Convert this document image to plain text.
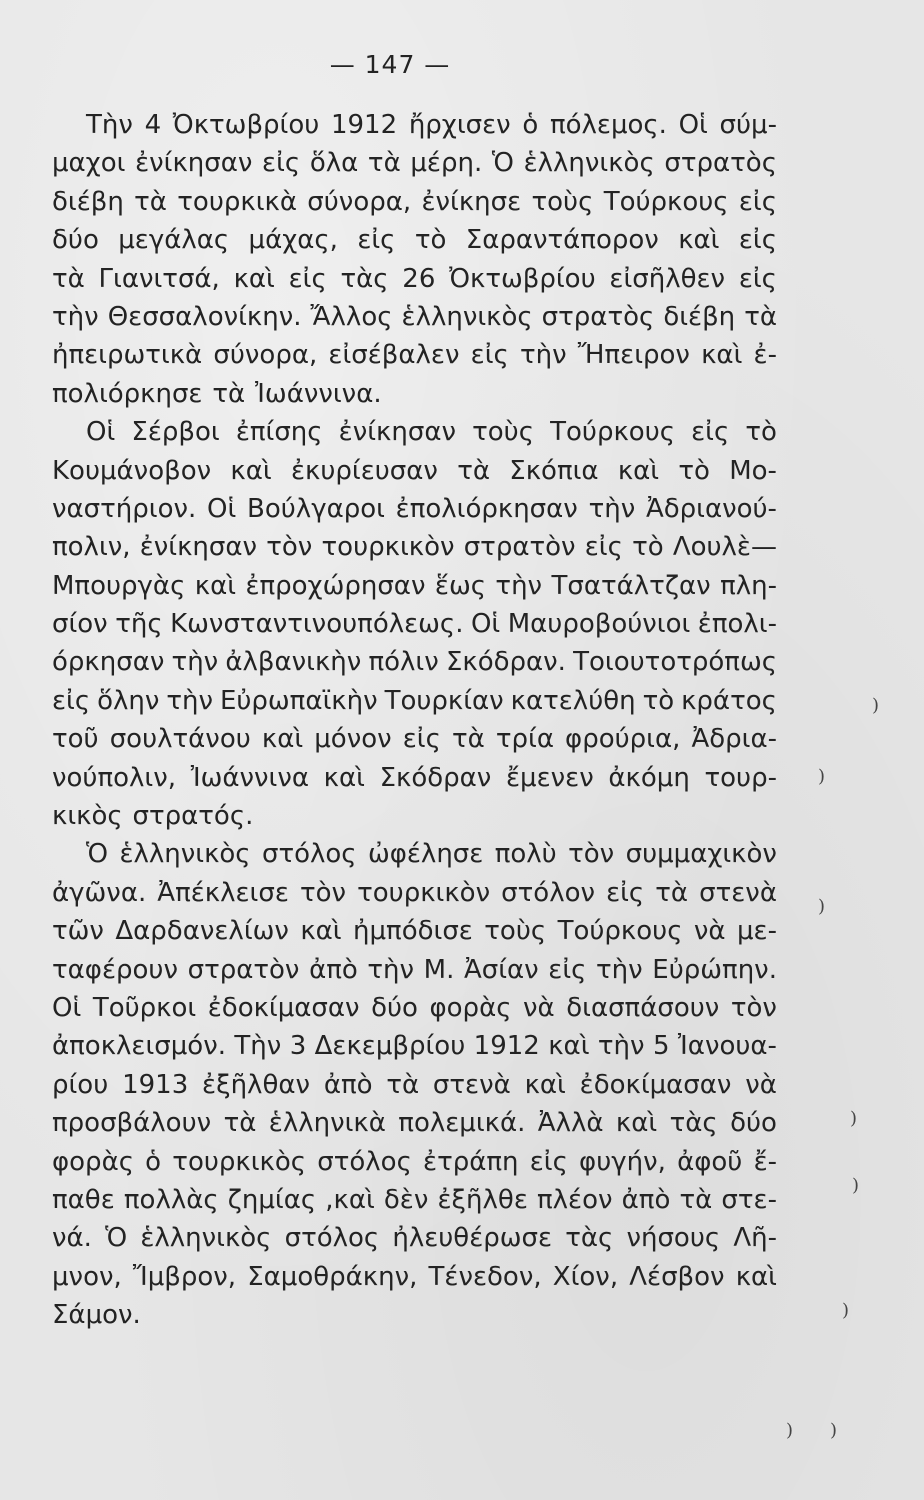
— 147 —
Τὴν 4 Ὀκτωβρίου 1912 ἤρχισεν ὁ πόλεμος. Οἱ σύμ-
μαχοι ἐνίκησαν εἰς ὅλα τὰ μέρη. Ὁ ἑλληνικὸς στρατὸς
διέβη τὰ τουρκικὰ σύνορα, ἐνίκησε τοὺς Τούρκους εἰς
δύο μεγάλας μάχας, εἰς τὸ Σαραντάπορον καὶ εἰς
τὰ Γιανιτσά, καὶ εἰς τὰς 26 Ὀκτωβρίου εἰσῆλθεν εἰς
τὴν Θεσσαλονίκην. Ἄλλος ἑλληνικὸς στρατὸς διέβη τὰ
ἠπειρωτικὰ σύνορα, εἰσέβαλεν εἰς τὴν Ἤπειρον καὶ ἐ-
πολιόρκησε τὰ Ἰωάννινα.
Οἱ Σέρβοι ἐπίσης ἐνίκησαν τοὺς Τούρκους εἰς τὸ
Κουμάνοβον καὶ ἐκυρίευσαν τὰ Σκόπια καὶ τὸ Μο-
ναστήριον. Οἱ Βούλγαροι ἐπολιόρκησαν τὴν Ἀδριανού-
πολιν, ἐνίκησαν τὸν τουρκικὸν στρατὸν εἰς τὸ Λουλὲ—
Μπουργὰς καὶ ἐπροχώρησαν ἕως τὴν Τσατάλτζαν πλη-
σίον τῆς Κωνσταντινουπόλεως. Οἱ Μαυροβούνιοι ἐπολι-
όρκησαν τὴν ἀλβανικὴν πόλιν Σκόδραν. Τοιουτοτρόπως
εἰς ὅλην τὴν Εὐρωπαϊκὴν Τουρκίαν κατελύθη τὸ κράτος
τοῦ σουλτάνου καὶ μόνον εἰς τὰ τρία φρούρια, Ἀδρια-
νούπολιν, Ἰωάννινα καὶ Σκόδραν ἔμενεν ἀκόμη τουρ-
κικὸς στρατός.
Ὁ ἑλληνικὸς στόλος ὠφέλησε πολὺ τὸν συμμαχικὸν
ἀγῶνα. Ἀπέκλεισε τὸν τουρκικὸν στόλον εἰς τὰ στενὰ
τῶν Δαρδανελίων καὶ ἠμπόδισε τοὺς Τούρκους νὰ με-
ταφέρουν στρατὸν ἀπὸ τὴν Μ. Ἀσίαν εἰς τὴν Εὐρώπην.
Οἱ Τοῦρκοι ἐδοκίμασαν δύο φορὰς νὰ διασπάσουν τὸν
ἀποκλεισμόν. Τὴν 3 Δεκεμβρίου 1912 καὶ τὴν 5 Ἰανουα-
ρίου 1913 ἐξῆλθαν ἀπὸ τὰ στενὰ καὶ ἐδοκίμασαν νὰ
προσβάλουν τὰ ἑλληνικὰ πολεμικά. Ἀλλὰ καὶ τὰς δύο
φορὰς ὁ τουρκικὸς στόλος ἐτράπη εἰς φυγήν, ἀφοῦ ἔ-
παθε πολλὰς ζημίας ,καὶ δὲν ἐξῆλθε πλέον ἀπὸ τὰ στε-
νά. Ὁ ἑλληνικὸς στόλος ἠλευθέρωσε τὰς νήσους Λῆ-
μνον, Ἴμβρον, Σαμοθράκην, Τένεδον, Χίον, Λέσβον καὶ
Σάμον.
)
)
)
)
)
)
) )
